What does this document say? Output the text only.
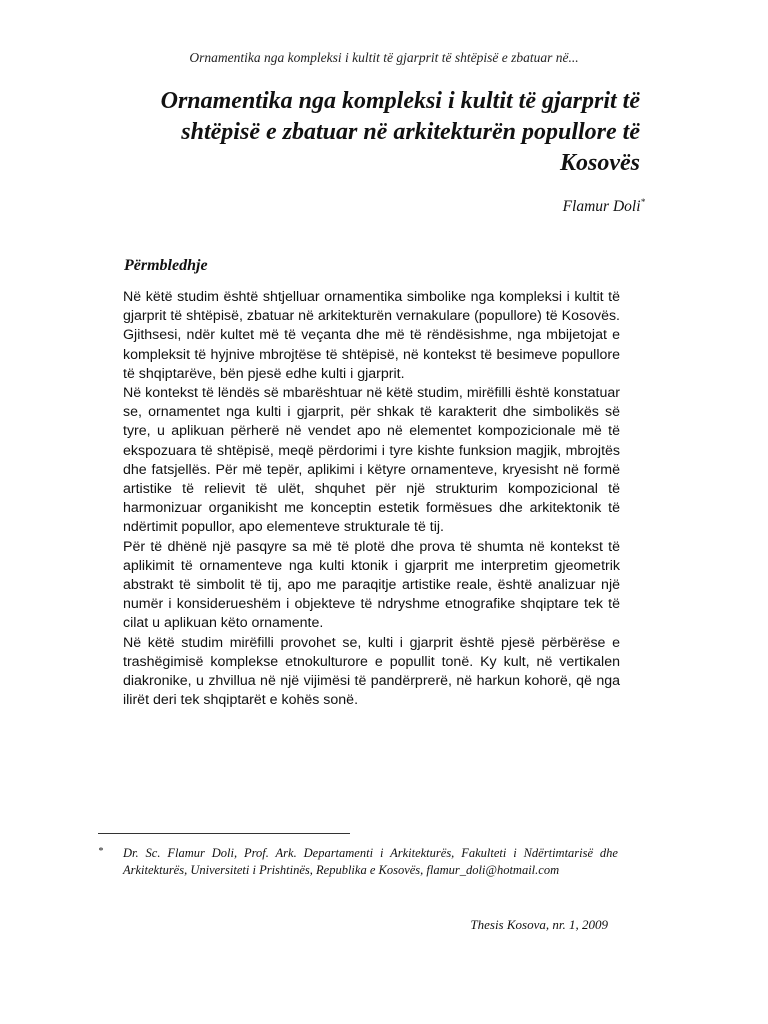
Ornamentika nga kompleksi i kultit të gjarprit të shtëpisë e zbatuar në...
Ornamentika nga kompleksi i kultit të gjarprit të shtëpisë e zbatuar në arkitekturën popullore të Kosovës
Flamur Doli*
Përmbledhje

Në këtë studim është shtjelluar ornamentika simbolike nga kompleksi i kultit të gjarprit të shtëpisë, zbatuar në arkitekturën vernakulare (popullore) të Kosovës. Gjithsesi, ndër kultet më të veçanta dhe më të rëndësishme, nga mbijetojat e kompleksit të hyjnive mbrojtëse të shtëpisë, në kontekst të besimeve popullore të shqiptarëve, bën pjesë edhe kulti i gjarprit.

Në kontekst të lëndës së mbarështuar në këtë studim, mirëfilli është konstatuar se, ornamentet nga kulti i gjarprit, për shkak të karakterit dhe simbolikës së tyre, u aplikuan përherë në vendet apo në elementet kompozicionale më të ekspozuara të shtëpisë, meqë përdorimi i tyre kishte funksion magjik, mbrojtës dhe fatsjellës. Për më tepër, aplikimi i këtyre ornamenteve, kryesisht në formë artistike të relievit të ulët, shquhet për një strukturim kompozicional të harmonizuar organikisht me konceptin estetik formësues dhe arkitektonik të ndërtimit popullor, apo elementeve strukturale të tij.

Për të dhënë një pasqyre sa më të plotë dhe prova të shumta në kontekst të aplikimit të ornamenteve nga kulti ktonik i gjarprit me interpretim gjeometrik abstrakt të simbolit të tij, apo me paraqitje artistike reale, është analizuar një numër i konsiderueshëm i objekteve të ndryshme etnografike shqiptare tek të cilat u aplikuan këto ornamente.

Në këtë studim mirëfilli provohet se, kulti i gjarprit është pjesë përbërëse e trashëgimisë komplekse etnokulturore e popullit tonë. Ky kult, në vertikalen diakronike, u zhvillua në një vijimësi të pandërprerë, në harkun kohorë, që nga ilirët deri tek shqiptarët e kohës sonë.

* Dr. Sc. Flamur Doli, Prof. Ark. Departamenti i Arkitekturës, Fakulteti i Ndërtimtarisë dhe Arkitekturës, Universiteti i Prishtinës, Republika e Kosovës, flamur_doli@hotmail.com
Thesis Kosova, nr. 1, 2009
